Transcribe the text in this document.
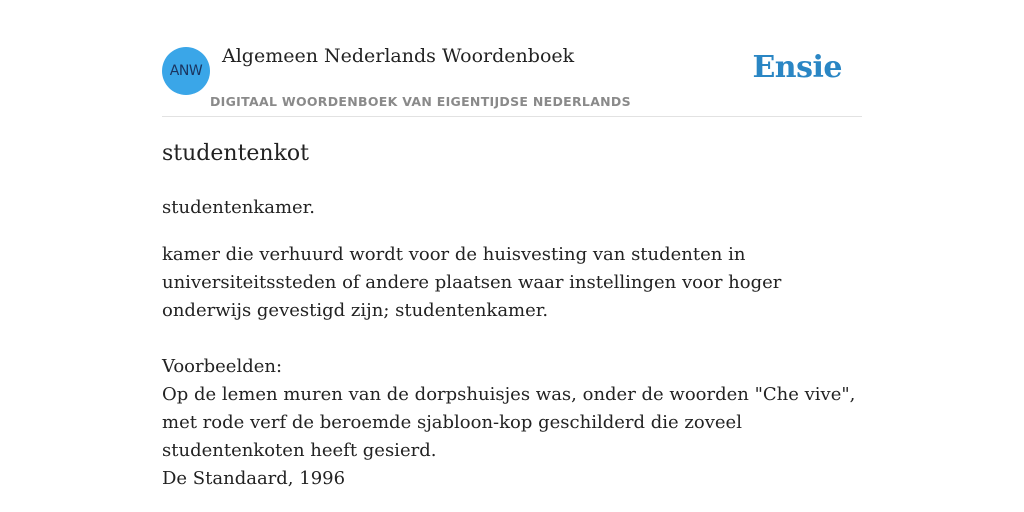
ANW
Algemeen Nederlands Woordenboek
DIGITAAL WOORDENBOEK VAN EIGENTIJDSE NEDERLANDS
Ensie
studentenkot

studentenkamer.

kamer die verhuurd wordt voor de huisvesting van studenten in universiteitssteden of andere plaatsen waar instellingen voor hoger onderwijs gevestigd zijn; studentenkamer.

Voorbeelden:

Op de lemen muren van de dorpshuisjes was, onder de woorden "Che vive", met rode verf de beroemde sjabloon-kop geschilderd die zoveel studentenkoten heeft gesierd.

De Standaard, 1996
